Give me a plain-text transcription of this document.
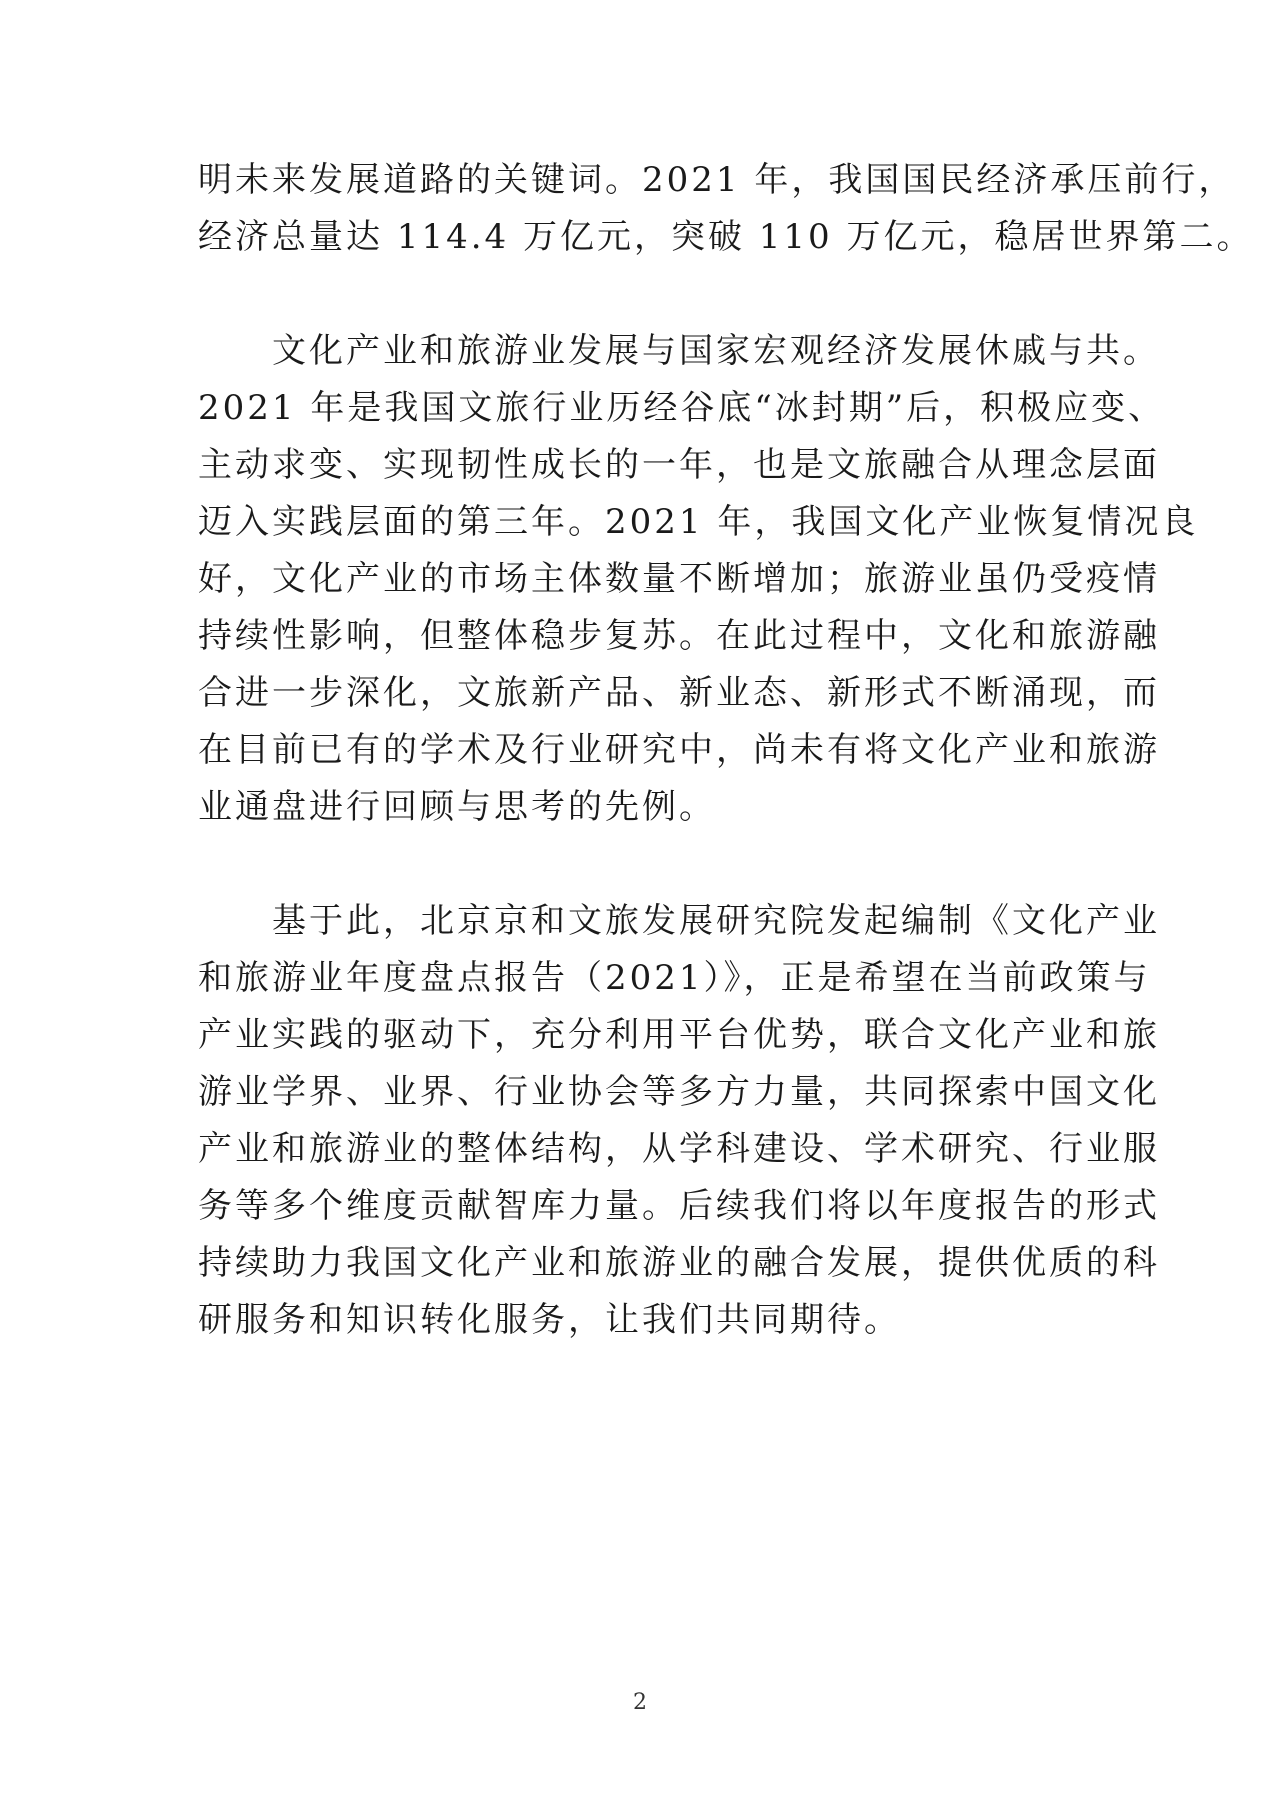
明未来发展道路的关键词。2021 年，我国国民经济承压前行，
经济总量达 114.4 万亿元，突破 110 万亿元，稳居世界第二。
　　文化产业和旅游业发展与国家宏观经济发展休戚与共。
2021 年是我国文旅行业历经谷底“冰封期”后，积极应变、
主动求变、实现韧性成长的一年，也是文旅融合从理念层面
迈入实践层面的第三年。2021 年，我国文化产业恢复情况良
好，文化产业的市场主体数量不断增加；旅游业虽仍受疫情
持续性影响，但整体稳步复苏。在此过程中，文化和旅游融
合进一步深化，文旅新产品、新业态、新形式不断涌现，而
在目前已有的学术及行业研究中，尚未有将文化产业和旅游
业通盘进行回顾与思考的先例。
　　基于此，北京京和文旅发展研究院发起编制《文化产业
和旅游业年度盘点报告（2021）》，正是希望在当前政策与
产业实践的驱动下，充分利用平台优势，联合文化产业和旅
游业学界、业界、行业协会等多方力量，共同探索中国文化
产业和旅游业的整体结构，从学科建设、学术研究、行业服
务等多个维度贡献智库力量。后续我们将以年度报告的形式
持续助力我国文化产业和旅游业的融合发展，提供优质的科
研服务和知识转化服务，让我们共同期待。
2
